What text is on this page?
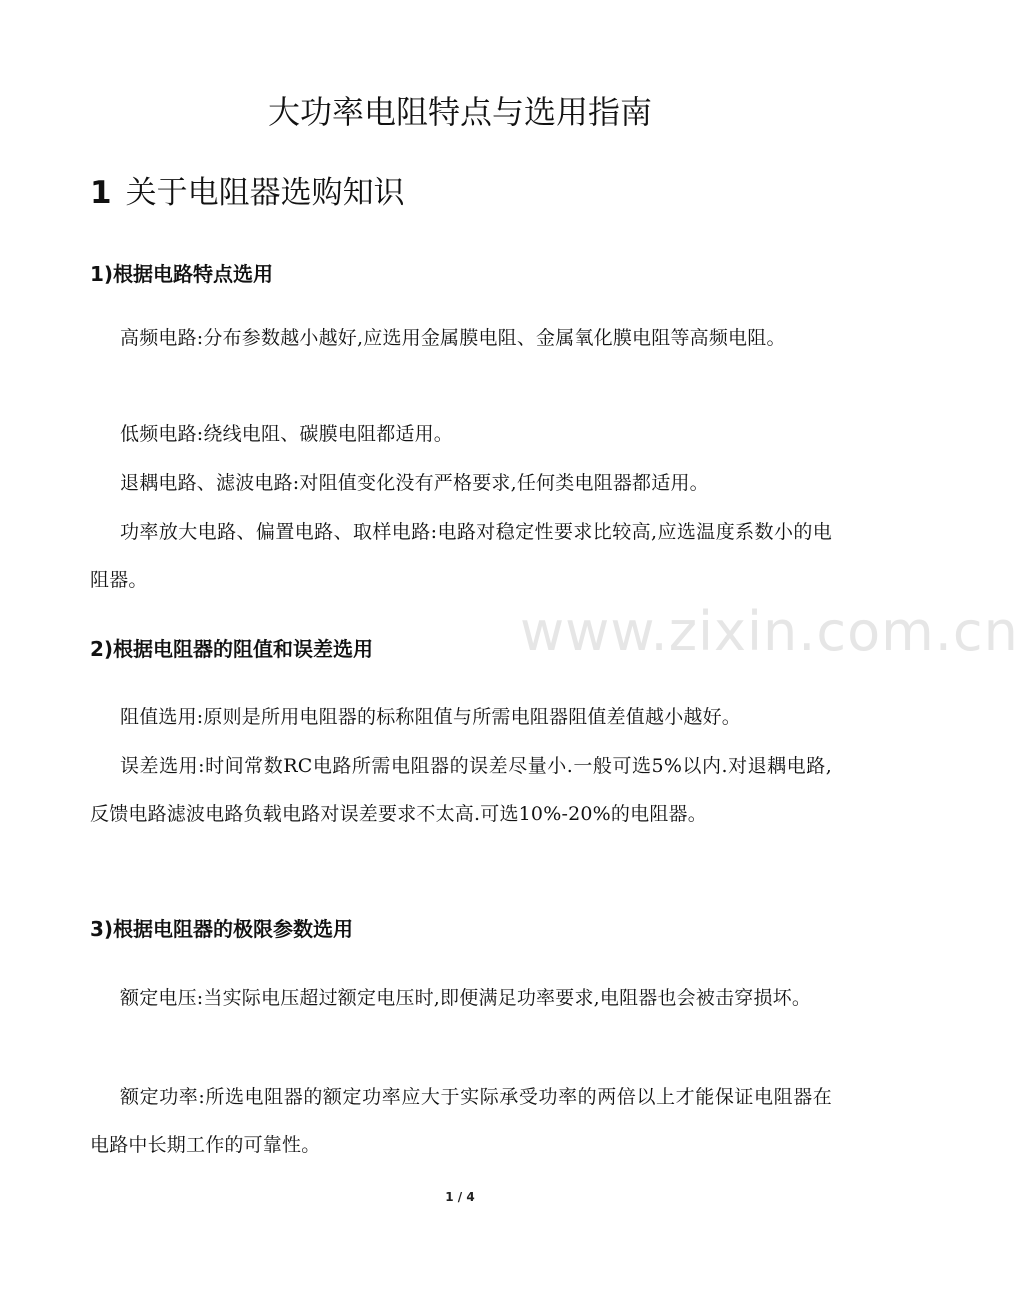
大功率电阻特点与选用指南
1 关于电阻器选购知识
1)根据电路特点选用

高频电路:分布参数越小越好,应选用金属膜电阻、金属氧化膜电阻等高频电阻。

低频电路:绕线电阻、碳膜电阻都适用。

退耦电路、滤波电路:对阻值变化没有严格要求,任何类电阻器都适用。

功率放大电路、偏置电路、取样电路:电路对稳定性要求比较高,应选温度系数小的电阻器。

2)根据电阻器的阻值和误差选用

阻值选用:原则是所用电阻器的标称阻值与所需电阻器阻值差值越小越好。

误差选用:时间常数RC电路所需电阻器的误差尽量小.一般可选5%以内.对退耦电路,反馈电路滤波电路负载电路对误差要求不太高.可选10%-20%的电阻器。

3)根据电阻器的极限参数选用

额定电压:当实际电压超过额定电压时,即便满足功率要求,电阻器也会被击穿损坏。

额定功率:所选电阻器的额定功率应大于实际承受功率的两倍以上才能保证电阻器在电路中长期工作的可靠性。

www.zixin.com.cn
1 / 4
